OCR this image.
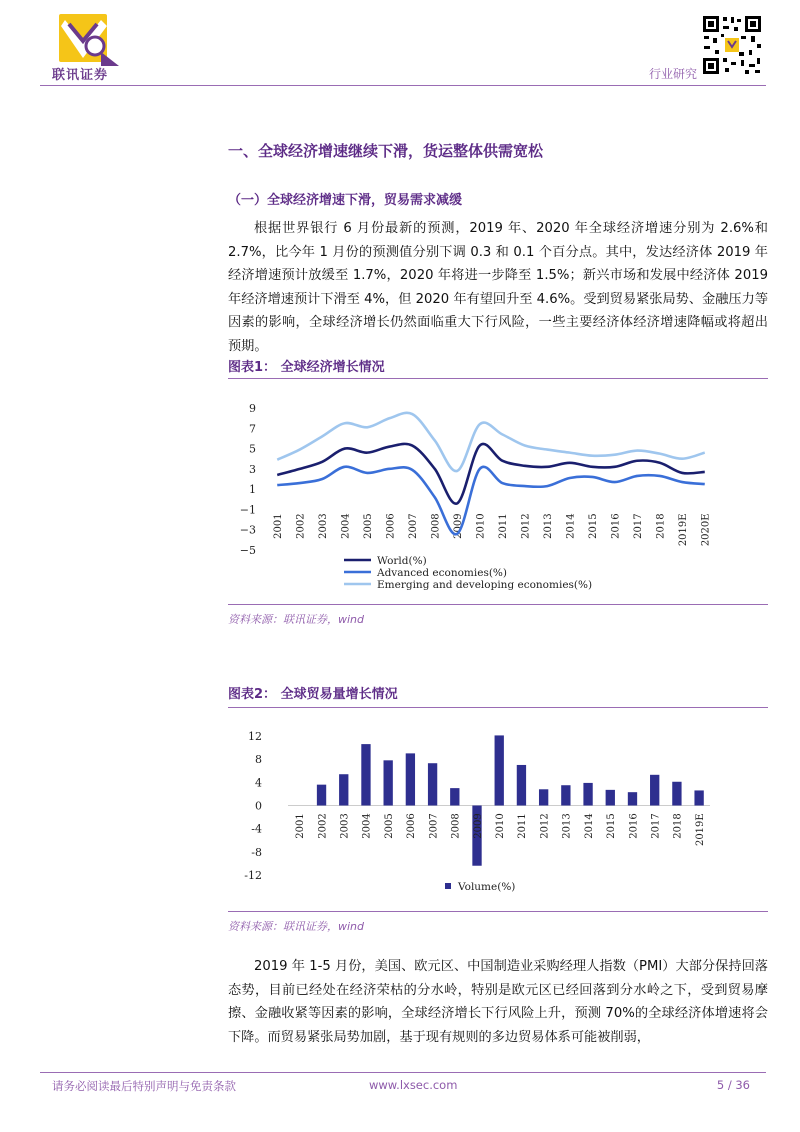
联讯证券	行业研究
一、全球经济增速继续下滑，货运整体供需宽松
（一）全球经济增速下滑，贸易需求减缓
根据世界银行 6 月份最新的预测，2019 年、2020 年全球经济增速分别为 2.6%和 2.7%，比今年 1 月份的预测值分别下调 0.3 和 0.1 个百分点。其中，发达经济体 2019 年经济增速预计放缓至 1.7%，2020 年将进一步降至 1.5%；新兴市场和发展中经济体 2019 年经济增速预计下滑至 4%，但 2020 年有望回升至 4.6%。受到贸易紧张局势、金融压力等因素的影响，全球经济增长仍然面临重大下行风险，一些主要经济体经济增速降幅或将超出预期。
图表1： 全球经济增长情况
9
7
5
3
1
−1
−3
−5
2001 2002 2003 2004 2005 2006 2007 2008 2009 2010 2011 2012 2013 2014 2015 2016 2017 2018 2019E 2020E
World(%)
Advanced economies(%)
Emerging and developing economies(%)
资料来源：联讯证券，wind
图表2： 全球贸易量增长情况
12
8
4
0
-4
-8
-12
2001 2002 2003 2004 2005 2006 2007 2008 2009 2010 2011 2012 2013 2014 2015 2016 2017 2018 2019E
Volume(%)
资料来源：联讯证券，wind
2019 年 1-5 月份，美国、欧元区、中国制造业采购经理人指数（PMI）大部分保持回落态势，目前已经处在经济荣枯的分水岭，特别是欧元区已经回落到分水岭之下，受到贸易摩擦、金融收紧等因素的影响，全球经济增长下行风险上升，预测 70%的全球经济体增速将会下降。而贸易紧张局势加剧，基于现有规则的多边贸易体系可能被削弱，
请务必阅读最后特别声明与免责条款	www.lxsec.com	5 / 36
